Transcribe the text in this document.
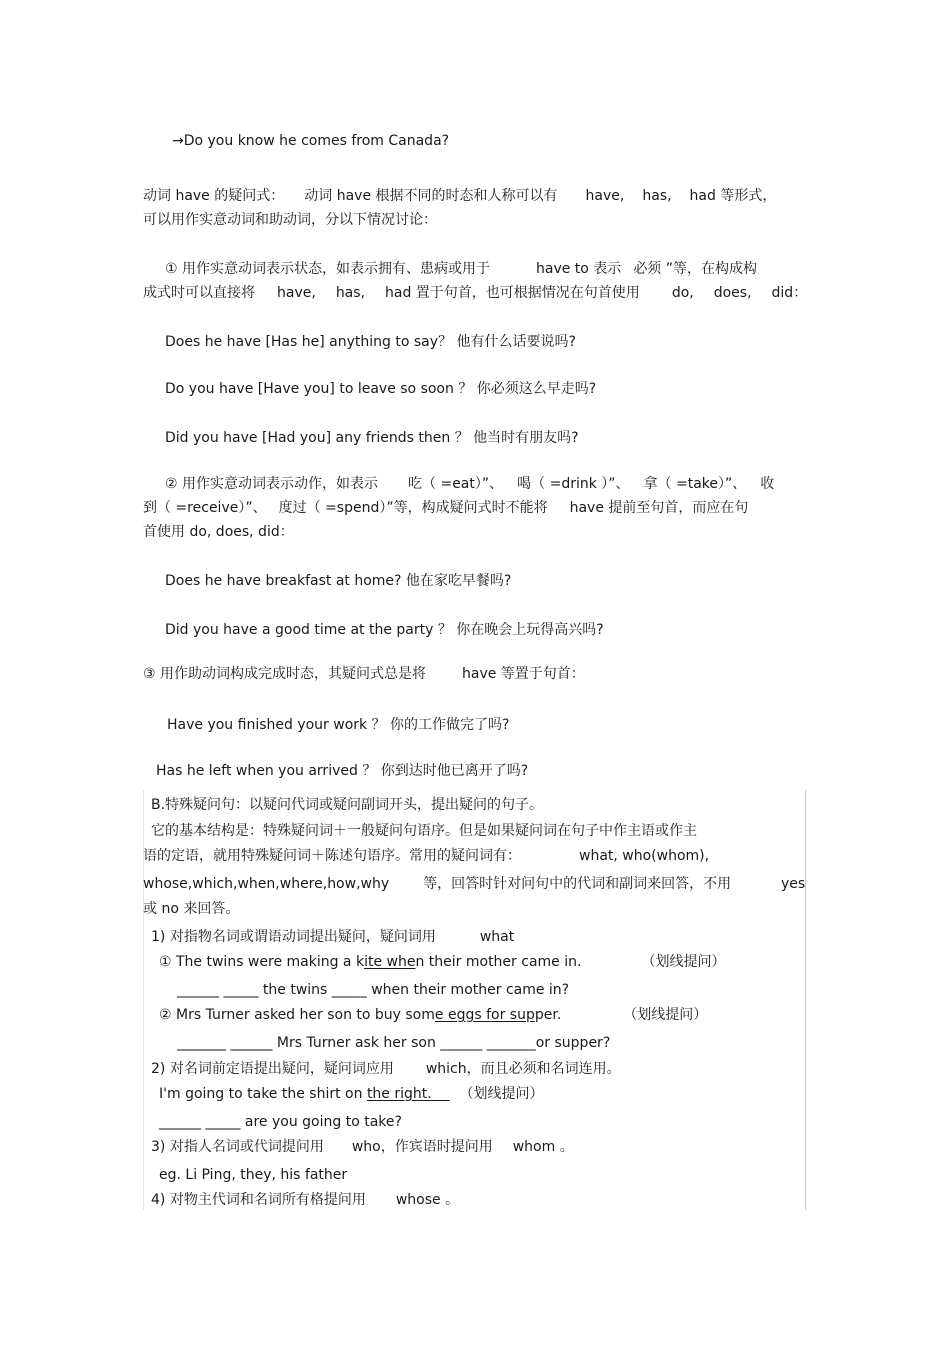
→Do you know he comes from Canada?
动词 have 的疑问式： 动词 have 根据不同的时态和人称可以有 have, has, had 等形式，
可以用作实意动词和助动词，分以下情况讨论：
① 用作实意动词表示状态，如表示拥有、患病或用于	have to 表示 必须 ”等，在构成构
成式时可以直接将 have, has, had 置于句首，也可根据情况在句首使用 do, does, did：
Does he have [Has he] anything to say？ 他有什么话要说吗?
Do you have [Have you] to leave so soon ？ 你必须这么早走吗?
Did you have [Had you] any friends then ？ 他当时有朋友吗?
② 用作实意动词表示动作，如表示 吃（ =eat）”、 喝（ =drink ）”、 拿（ =take）”、 收
到（ =receive）”、 度过（ =spend）”等，构成疑问式时不能将 have 提前至句首，而应在句
首使用 do, does, did：
Does he have breakfast at home? 他在家吃早餐吗?
Did you have a good time at the party ？ 你在晚会上玩得高兴吗?
③ 用作助动词构成完成时态，其疑问式总是将	have 等置于句首：
Have you finished your work ？ 你的工作做完了吗?
Has he left when you arrived ？ 你到达时他已离开了吗?
B.特殊疑问句：以疑问代词或疑问副词开头，提出疑问的句子。
它的基本结构是：特殊疑问词＋一般疑问句语序。但是如果疑问词在句子中作主语或作主
语的定语，就用特殊疑问词＋陈述句语序。常用的疑问词有：	what, who(whom),
whose,which,when,where,how,why 等，回答时针对问句中的代词和副词来回答，不用	yes
或 no 来回答。
1) 对指物名词或谓语动词提出疑问，疑问词用	what
① The twins were making a kite when their mother came in.	（划线提问）
______ _____ the twins _____ when their mother came in?
② Mrs Turner asked her son to buy some eggs for supper.	（划线提问）
_______ ______ Mrs Turner ask her son ______ _______or supper?
2) 对名词前定语提出疑问，疑问词应用 which，而且必须和名词连用。
I'm going to take the shirt on the right.    （划线提问）
______ _____ are you going to take?
3) 对指人名词或代词提问用 who，作宾语时提问用 whom 。
eg. Li Ping, they, his father
4) 对物主代词和名词所有格提问用 whose 。
